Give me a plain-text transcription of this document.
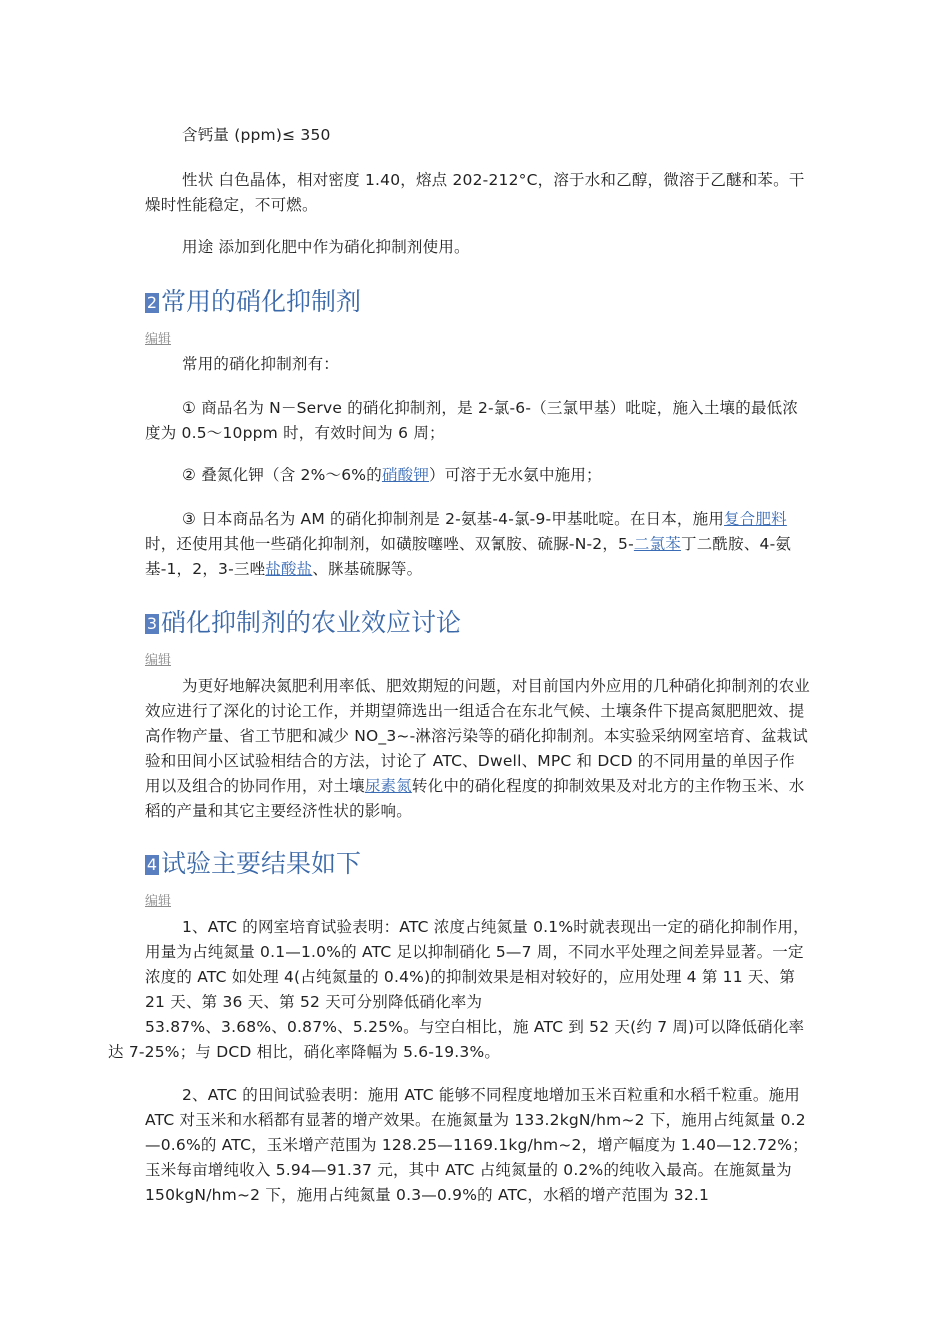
含钙量 (ppm)≤ 350

性状 白色晶体，相对密度 1.40，熔点 202-212°C，溶于水和乙醇，微溶于乙醚和苯。干燥时性能稳定，不可燃。

用途 添加到化肥中作为硝化抑制剂使用。

2 常用的硝化抑制剂

编辑

常用的硝化抑制剂有：

① 商品名为 N－Serve 的硝化抑制剂，是 2-氯-6-（三氯甲基）吡啶，施入土壤的最低浓度为 0.5～10ppm 时，有效时间为 6 周；

② 叠氮化钾（含 2%～6%的硝酸钾）可溶于无水氨中施用；

③ 日本商品名为 AM 的硝化抑制剂是 2-氨基-4-氯-9-甲基吡啶。在日本，施用复合肥料时，还使用其他一些硝化抑制剂，如磺胺噻唑、双氰胺、硫脲-N-2，5-二氯苯丁二酰胺、4-氨基-1，2，3-三唑盐酸盐、脒基硫脲等。

3 硝化抑制剂的农业效应讨论

编辑

为更好地解决氮肥利用率低、肥效期短的问题，对目前国内外应用的几种硝化抑制剂的农业效应进行了深化的讨论工作，并期望筛选出一组适合在东北气候、土壤条件下提高氮肥肥效、提高作物产量、省工节肥和减少 NO_3~-淋溶污染等的硝化抑制剂。本实验采纳网室培育、盆栽试验和田间小区试验相结合的方法，讨论了 ATC、Dwell、MPC 和 DCD 的不同用量的单因子作用以及组合的协同作用，对土壤尿素氮转化中的硝化程度的抑制效果及对北方的主作物玉米、水稻的产量和其它主要经济性状的影响。

4 试验主要结果如下

编辑

1、ATC 的网室培育试验表明：ATC 浓度占纯氮量 0.1%时就表现出一定的硝化抑制作用，用量为占纯氮量 0.1—1.0%的 ATC 足以抑制硝化 5—7 周，不同水平处理之间差异显著。一定浓度的 ATC 如处理 4(占纯氮量的 0.4%)的抑制效果是相对较好的，应用处理 4 第 11 天、第 21 天、第 36 天、第 52 天可分别降低硝化率为
53.87%、3.68%、0.87%、5.25%。与空白相比，施 ATC 到 52 天(约 7 周)可以降低硝化率达 7-25%；与 DCD 相比，硝化率降幅为 5.6-19.3%。

2、ATC 的田间试验表明：施用 ATC 能够不同程度地增加玉米百粒重和水稻千粒重。施用 ATC 对玉米和水稻都有显著的增产效果。在施氮量为 133.2kgN/hm~2 下，施用占纯氮量 0.2—0.6%的 ATC，玉米增产范围为 128.25—1169.1kg/hm~2，增产幅度为 1.40—12.72%；玉米每亩增纯收入 5.94—91.37 元，其中 ATC 占纯氮量的 0.2%的纯收入最高。在施氮量为 150kgN/hm~2 下，施用占纯氮量 0.3—0.9%的 ATC，水稻的增产范围为 32.1
